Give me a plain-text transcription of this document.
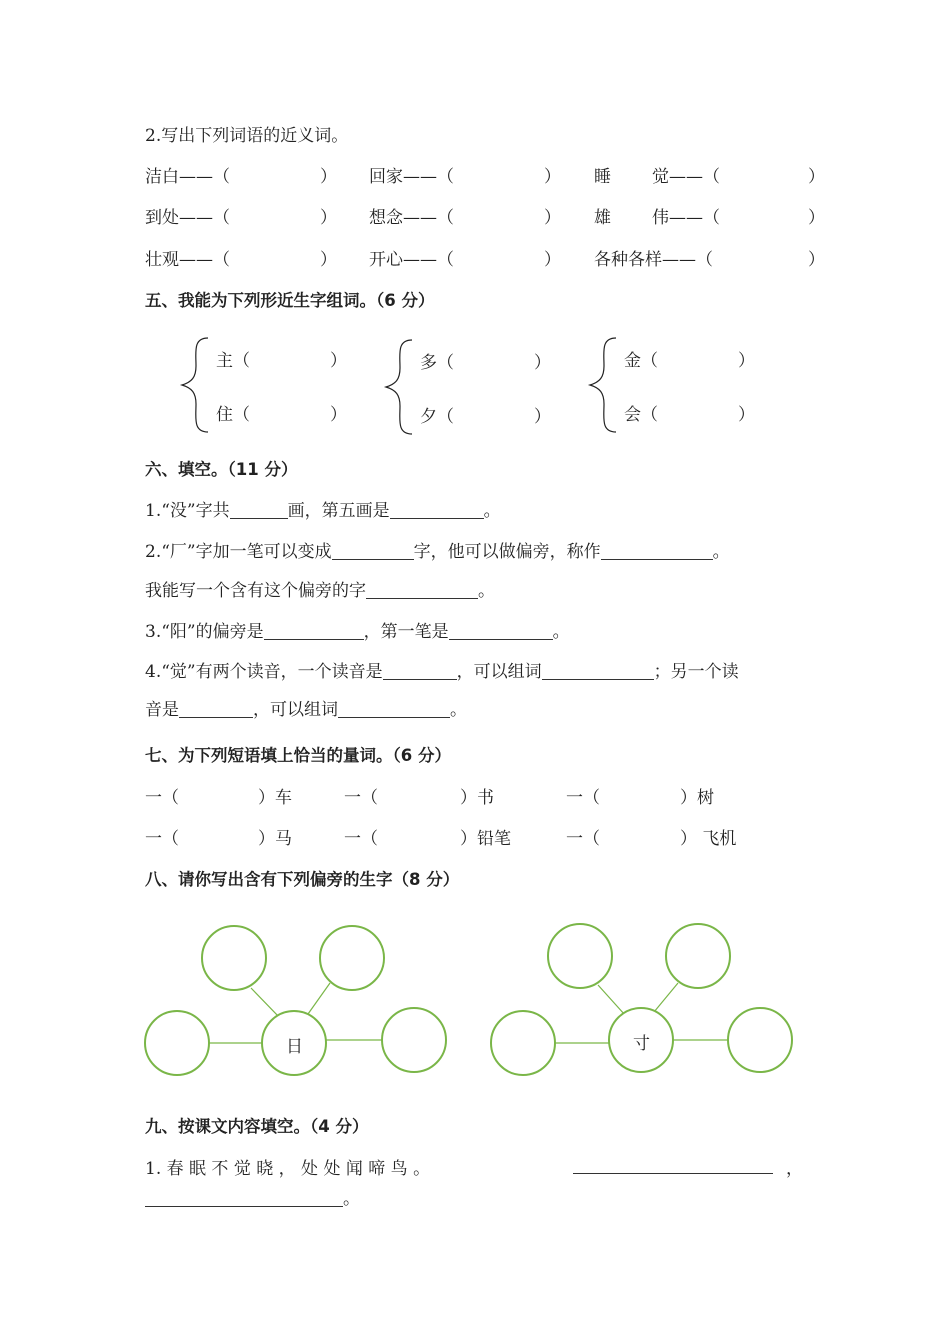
2.写出下列词语的近义词。
洁白——（	） 回家——（	） 睡 觉——（	）
到处——（	） 想念——（	） 雄 伟——（	）
壮观——（	） 开心——（	） 各种各样——（	）
五、我能为下列形近生字组词。（6 分）
主（	）
住（	）
多（	）
夕（	）
金（	）
会（	）
六、填空。（11 分）
1.“没”字共	画，第五画是	。
2.“厂”字加一笔可以变成	字，他可以做偏旁，称作	。
我能写一个含有这个偏旁的字	。
3.“阳”的偏旁是	，第一笔是	。
4.“觉”有两个读音，一个读音是	，可以组词	；另一个读
音是	，可以组词	。
七、为下列短语填上恰当的量词。（6 分）
一（	）车	一（	）书	一（	）树
一（	）马	一（	）铅笔	一（	） 飞机
八、请你写出含有下列偏旁的生字（8 分）
日	寸
九、按课文内容填空。（4 分）
1. 春 眠 不 觉 晓 ， 处 处 闻 啼 鸟 。	，
。
